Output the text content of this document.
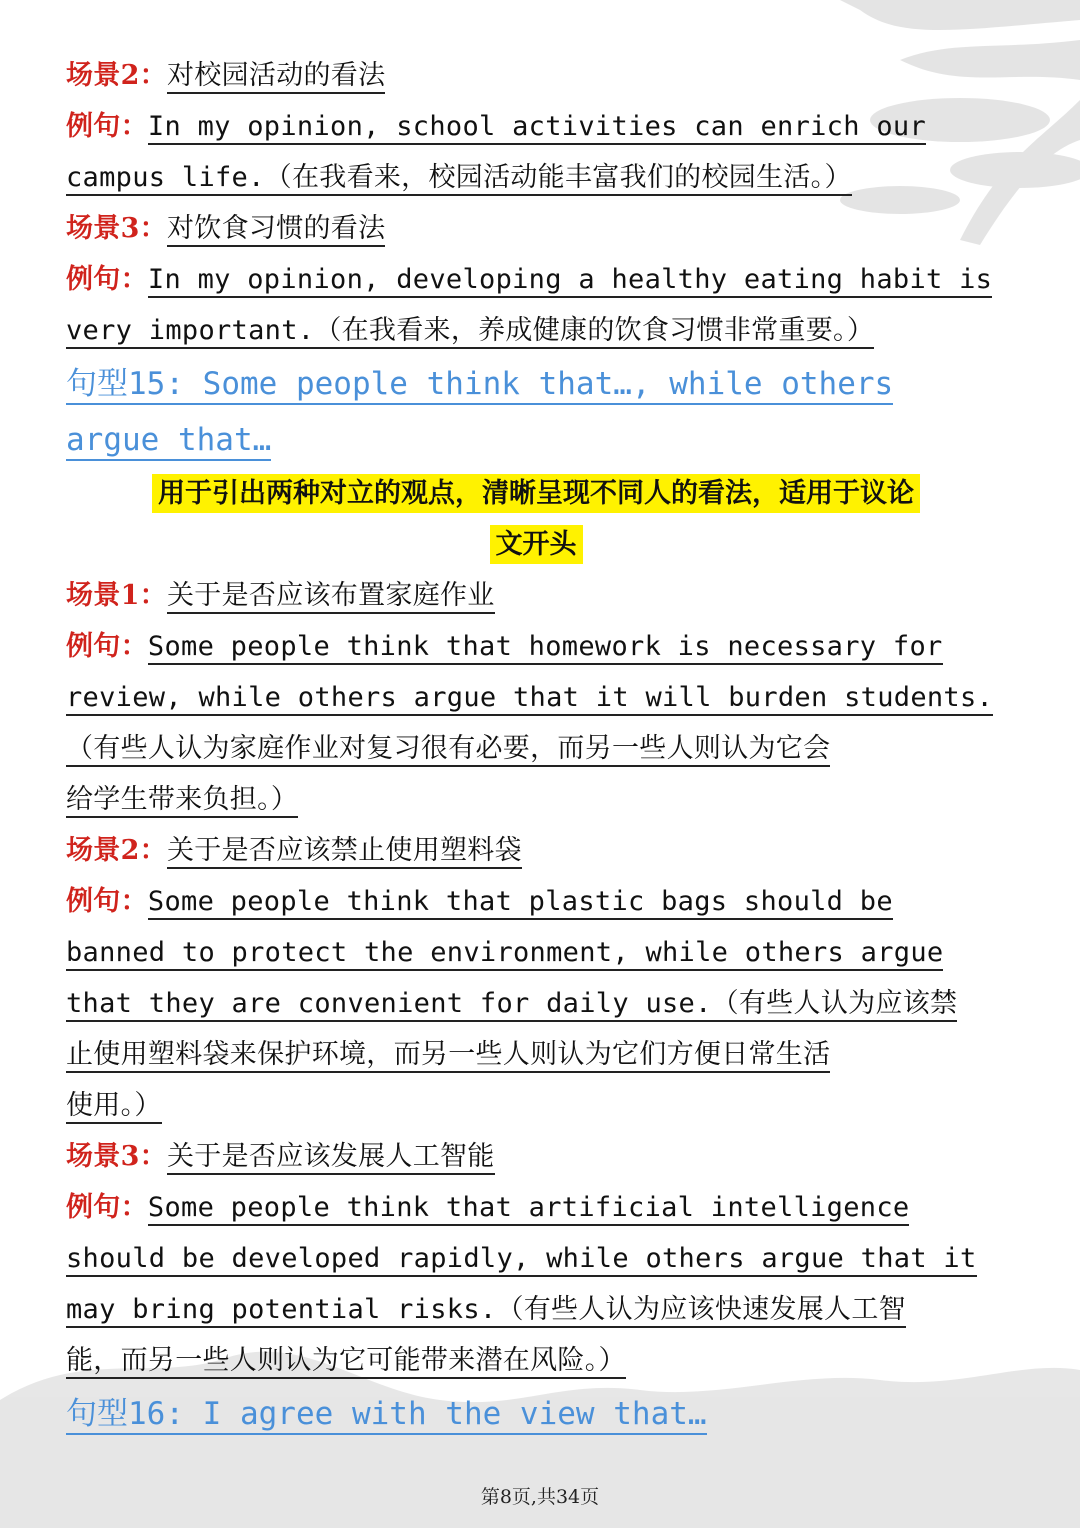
场景2：对校园活动的看法
例句：In my opinion, school activities can enrich our
campus life.（在我看来，校园活动能丰富我们的校园生活。）
场景3：对饮食习惯的看法
例句：In my opinion, developing a healthy eating habit is
very important.（在我看来，养成健康的饮食习惯非常重要。）
句型15: Some people think that…, while others
argue that…
用于引出两种对立的观点，清晰呈现不同人的看法，适用于议论
文开头
场景1：关于是否应该布置家庭作业
例句：Some people think that homework is necessary for
review, while others argue that it will burden students.
（有些人认为家庭作业对复习很有必要，而另一些人则认为它会
给学生带来负担。）
场景2：关于是否应该禁止使用塑料袋
例句：Some people think that plastic bags should be
banned to protect the environment, while others argue
that they are convenient for daily use.（有些人认为应该禁
止使用塑料袋来保护环境，而另一些人则认为它们方便日常生活
使用。）
场景3：关于是否应该发展人工智能
例句：Some people think that artificial intelligence
should be developed rapidly, while others argue that it
may bring potential risks.（有些人认为应该快速发展人工智
能，而另一些人则认为它可能带来潜在风险。）
句型16: I agree with the view that…
第8页,共34页
